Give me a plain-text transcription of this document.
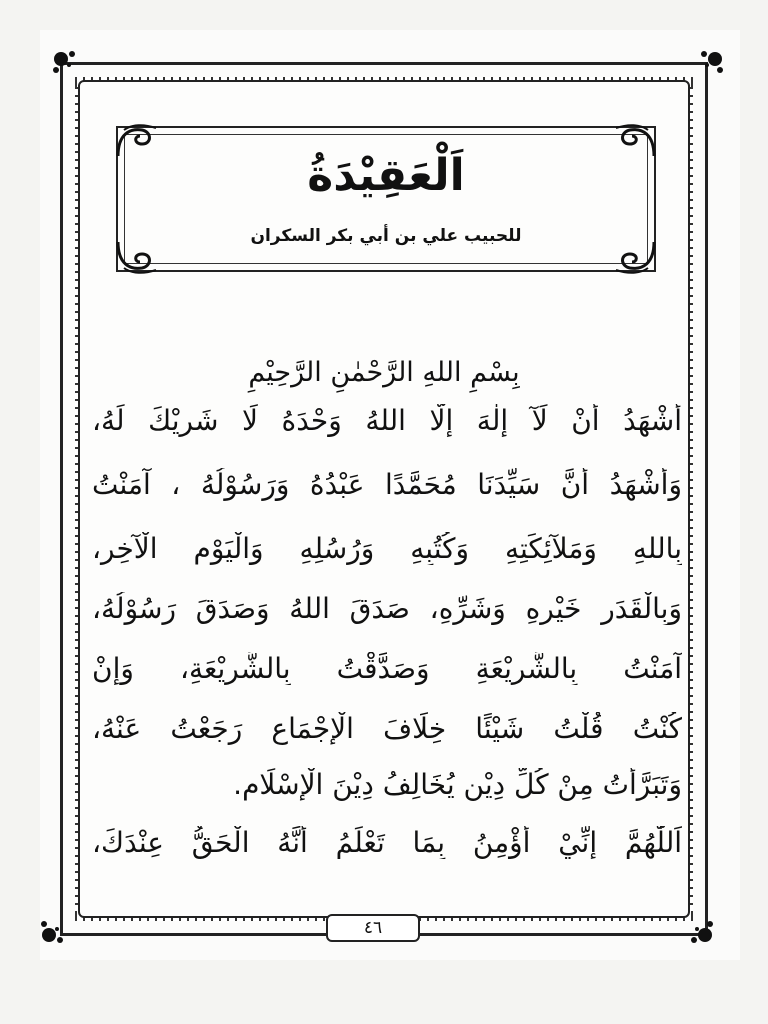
اَلْعَقِيْدَةُ
للحبيب علي بن أبي بكر السكران
بِسْمِ اللهِ الرَّحْمٰنِ الرَّحِيْمِ
أَشْهَدُ أَنْ لَآ إِلٰهَ إِلَّا اللهُ وَحْدَهُ لَا شَرِيْكَ لَهُ،
وَأَشْهَدُ أَنَّ سَيِّدَنَا مُحَمَّدًا عَبْدُهُ وَرَسُوْلُهُ ، آمَنْتُ
بِاللهِ وَمَلآئِكَتِهِ وَكُتُبِهِ وَرُسُلِهِ وَالْيَوْمِ الْآخِرِ،
وَبِالْقَدَرِ خَيْرِهِ وَشَرِّهِ، صَدَقَ اللهُ وَصَدَقَ رَسُوْلُهُ،
آمَنْتُ بِالشَّرِيْعَةِ وَصَدَّقْتُ بِالشَّرِيْعَةِ، وَإِنْ
كُنْتُ قُلْتُ شَيْئًا خِلَافَ الْإِجْمَاعِ رَجَعْتُ عَنْهُ،
وَتَبَرَّأْتُ مِنْ كُلِّ دِيْنٍ يُخَالِفُ دِيْنَ الْإِسْلَامِ.
اَللّٰهُمَّ إِنِّيْ أُؤْمِنُ بِمَا تَعْلَمُ أَنَّهُ الْحَقُّ عِنْدَكَ،
٤٦
